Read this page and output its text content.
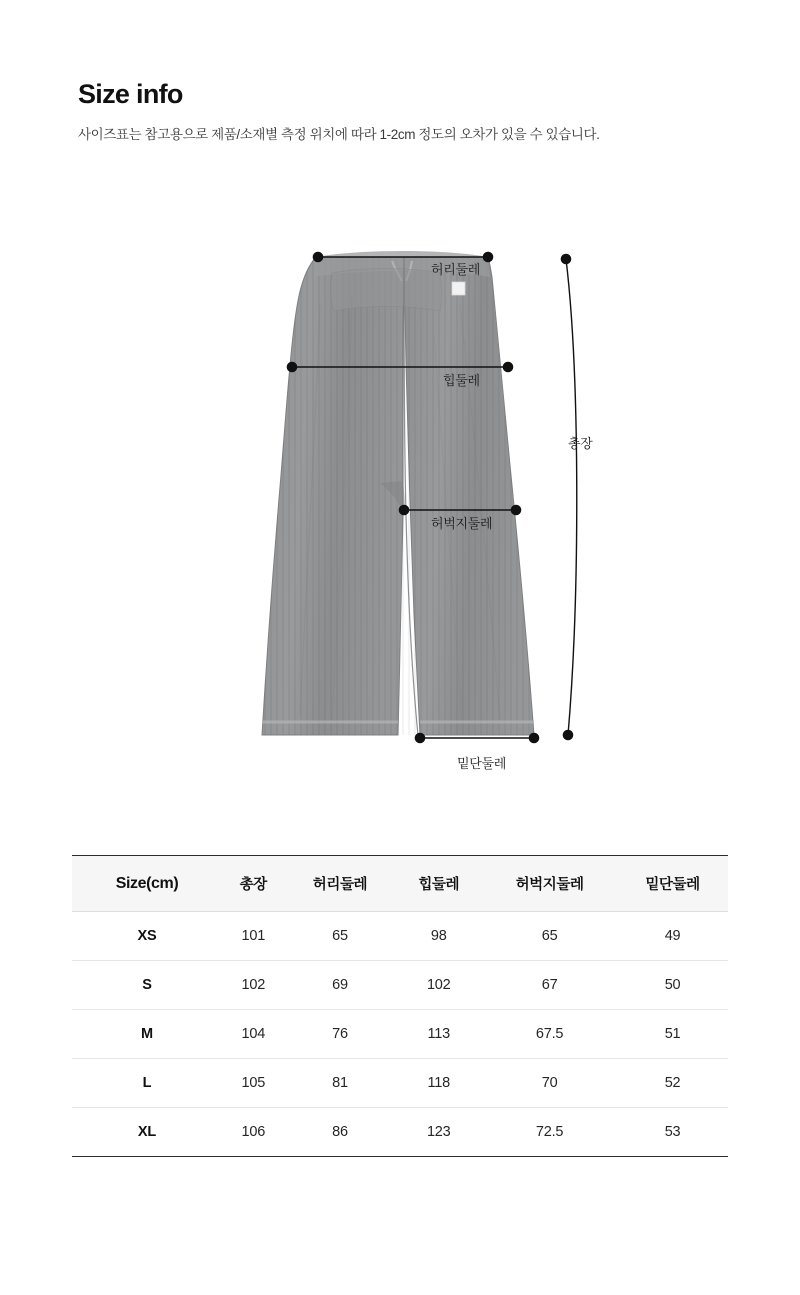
Size info

사이즈표는 참고용으로 제품/소재별 측정 위치에 따라 1-2cm 정도의 오차가 있을 수 있습니다.

허리둘레
힙둘레
허벅지둘레
총장
밑단둘레
Size(cm)	총장	허리둘레	힙둘레	허벅지둘레	밑단둘레
XS	101	65	98	65	49
S	102	69	102	67	50
M	104	76	113	67.5	51
L	105	81	118	70	52
XL	106	86	123	72.5	53
